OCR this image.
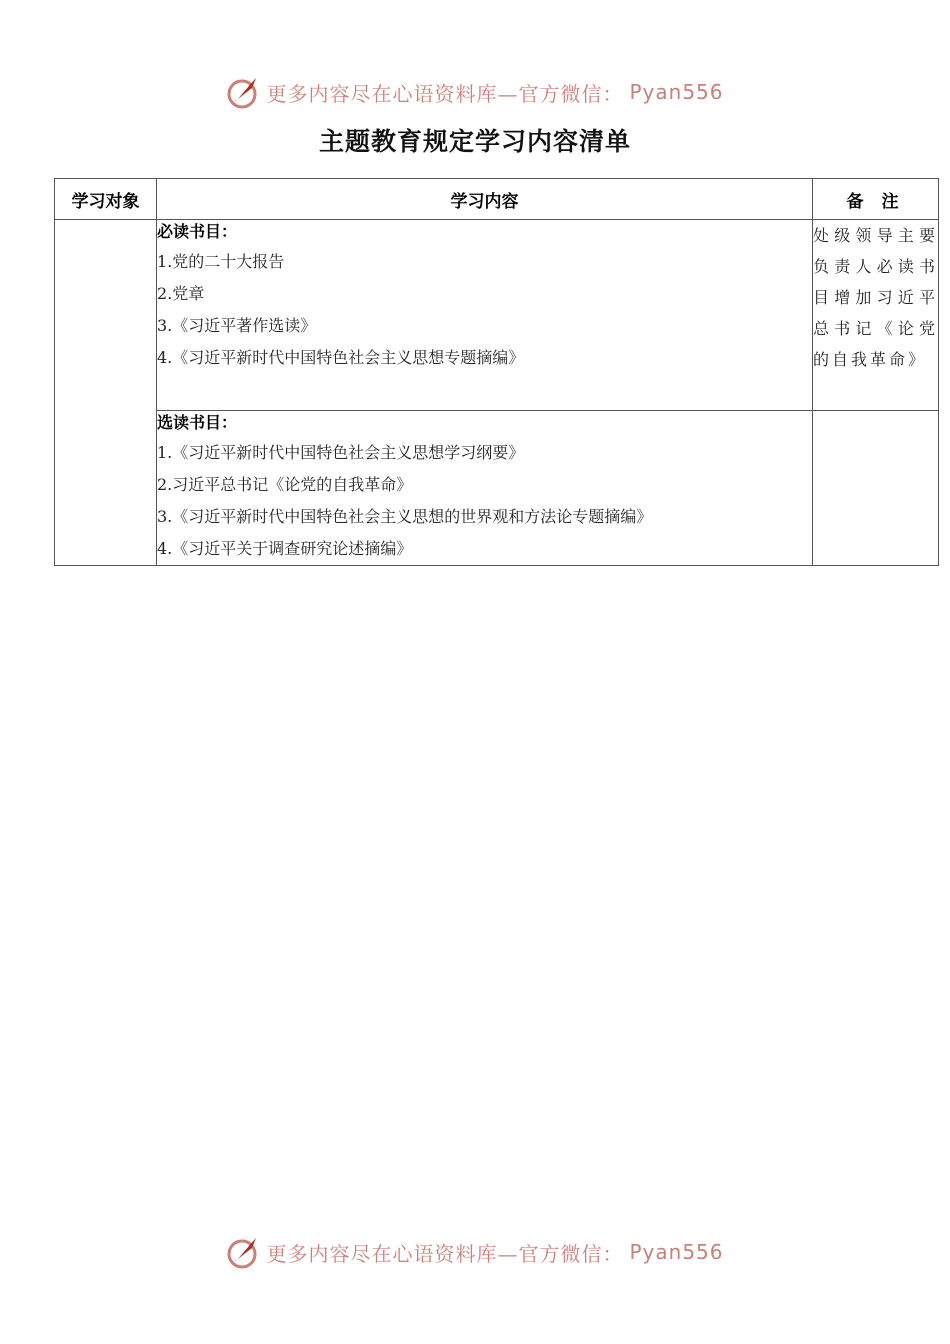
更多内容尽在心语资料库—官方微信： Pyan556
主题教育规定学习内容清单
学习对象	学习内容	备 注

	必读书目：
1.党的二十大报告
2.党章
3.《习近平著作选读》
4.《习近平新时代中国特色社会主义思想专题摘编》	处级领导主要负责人必读书目增加习近平总书记《论党的自我革命》

	选读书目：
1.《习近平新时代中国特色社会主义思想学习纲要》
2.习近平总书记《论党的自我革命》
3.《习近平新时代中国特色社会主义思想的世界观和方法论专题摘编》
4.《习近平关于调查研究论述摘编》	

更多内容尽在心语资料库—官方微信： Pyan556
